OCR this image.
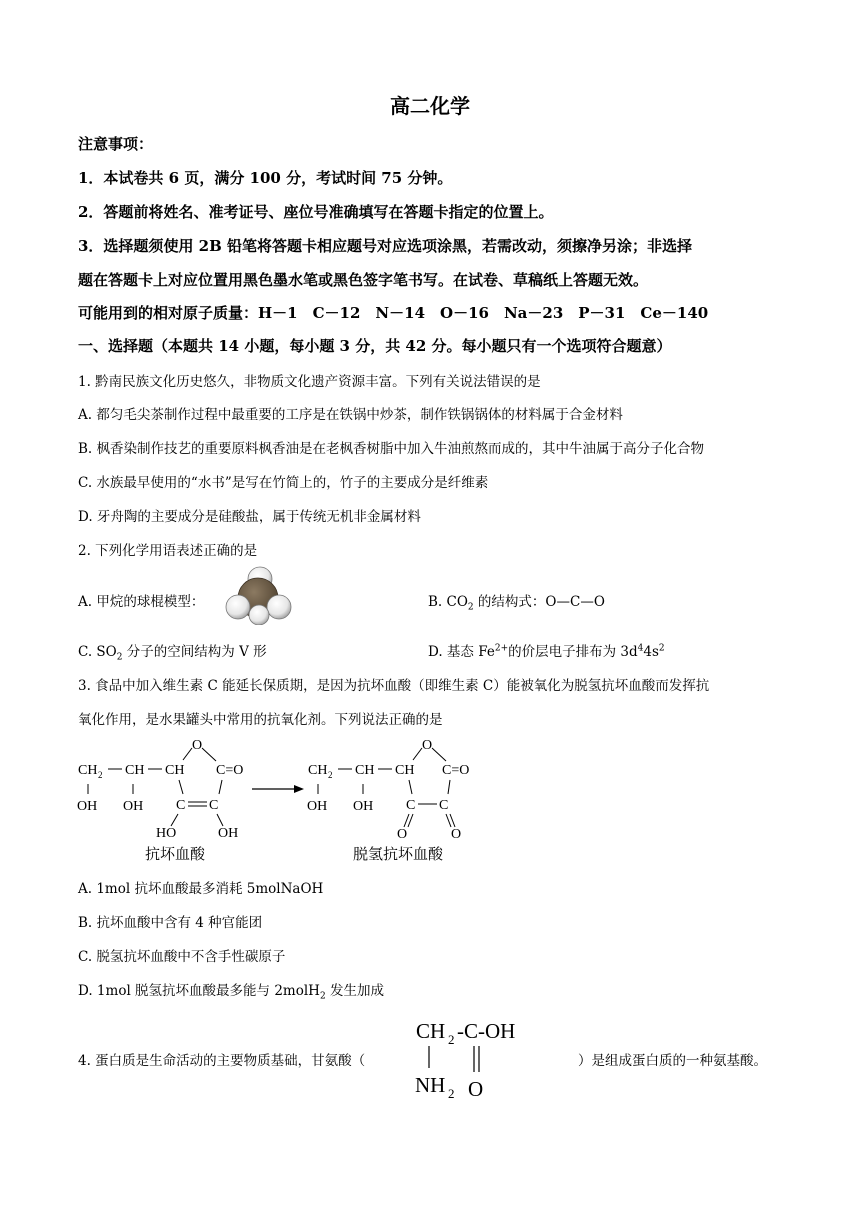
高二化学
注意事项：
1．本试卷共 6 页，满分 100 分，考试时间 75 分钟。
2．答题前将姓名、准考证号、座位号准确填写在答题卡指定的位置上。
3．选择题须使用 2B 铅笔将答题卡相应题号对应选项涂黑，若需改动，须擦净另涂；非选择
题在答题卡上对应位置用黑色墨水笔或黑色签字笔书写。在试卷、草稿纸上答题无效。
可能用到的相对原子质量：H－1　C－12　N－14　O－16　Na－23　P－31　Ce－140
一、选择题（本题共 14 小题，每小题 3 分，共 42 分。每小题只有一个选项符合题意）
1. 黔南民族文化历史悠久，非物质文化遗产资源丰富。下列有关说法错误的是
A. 都匀毛尖茶制作过程中最重要的工序是在铁锅中炒茶，制作铁锅锅体的材料属于合金材料
B. 枫香染制作技艺的重要原料枫香油是在老枫香树脂中加入牛油煎熬而成的，其中牛油属于高分子化合物
C. 水族最早使用的“水书”是写在竹简上的，竹子的主要成分是纤维素
D. 牙舟陶的主要成分是硅酸盐，属于传统无机非金属材料
2. 下列化学用语表述正确的是
A. 甲烷的球棍模型：	B. $CO_2$ 的结构式：O—C—O
C. $SO_2$ 分子的空间结构为 V 形	D. 基态 $Fe^{2+}$的价层电子排布为 $3d^44s^2$
3. 食品中加入维生素 C 能延长保质期，是因为抗坏血酸（即维生素 C）能被氧化为脱氢抗坏血酸而发挥抗
氧化作用，是水果罐头中常用的抗氧化剂。下列说法正确的是
CH 2 CH CH
O
C=O
OH OH C C
HO	OH
抗坏血酸
CH 2 CH CH
O
C=O
OH OH C C
O	O
脱氢抗坏血酸
A. 1mol 抗坏血酸最多消耗 5molNaOH
B. 抗坏血酸中含有 4 种官能团
C. 脱氢抗坏血酸中不含手性碳原子
D. 1mol 脱氢抗坏血酸最多能与 2molH$_2$ 发生加成
4. 蛋白质是生命活动的主要物质基础，甘氨酸（
CH 2 -C-OH
NH 2 O
）是组成蛋白质的一种氨基酸。
